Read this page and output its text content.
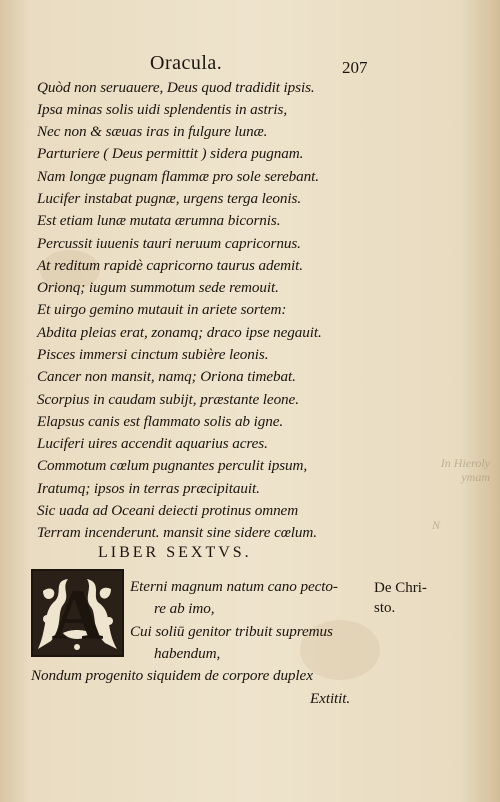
In Hieroly
ymam
N
Oracula.	207
Quòd non seruauere, Deus quod tradidit ipsis.
Ipsa minas solis uidi splendentis in astris,
Nec non & sæuas iras in fulgure lunæ.
Parturiere ( Deus permittit ) sidera pugnam.
Nam longæ pugnam flammæ pro sole serebant.
Lucifer instabat pugnæ, urgens terga leonis.
Est etiam lunæ mutata ærumna bicornis.
Percussit iuuenis tauri neruum capricornus.
At reditum rapidè capricorno taurus ademit.
Orionq; iugum summotum sede remouit.
Et uirgo gemino mutauit in ariete sortem:
Abdita pleias erat, zonamq; draco ipse negauit.
Pisces immersi cinctum subière leonis.
Cancer non mansit, namq; Oriona timebat.
Scorpius in caudam subijt, præstante leone.
Elapsus canis est flammato solis ab igne.
Luciferi uires accendit aquarius acres.
Commotum cœlum pugnantes perculit ipsum,
Iratumq; ipsos in terras præcipitauit.
Sic uada ad Oceani deiecti protinus omnem
Terram incenderunt. mansit sine sidere cœlum.
LIBER SEXTVS.
A	Eterni magnum natum cano pecto-
re ab imo,
Cui soliū genitor tribuit supremus
habendum,
Nondum progenito siquidem de corpore duplex
Extitit.
De Chri-
sto.
